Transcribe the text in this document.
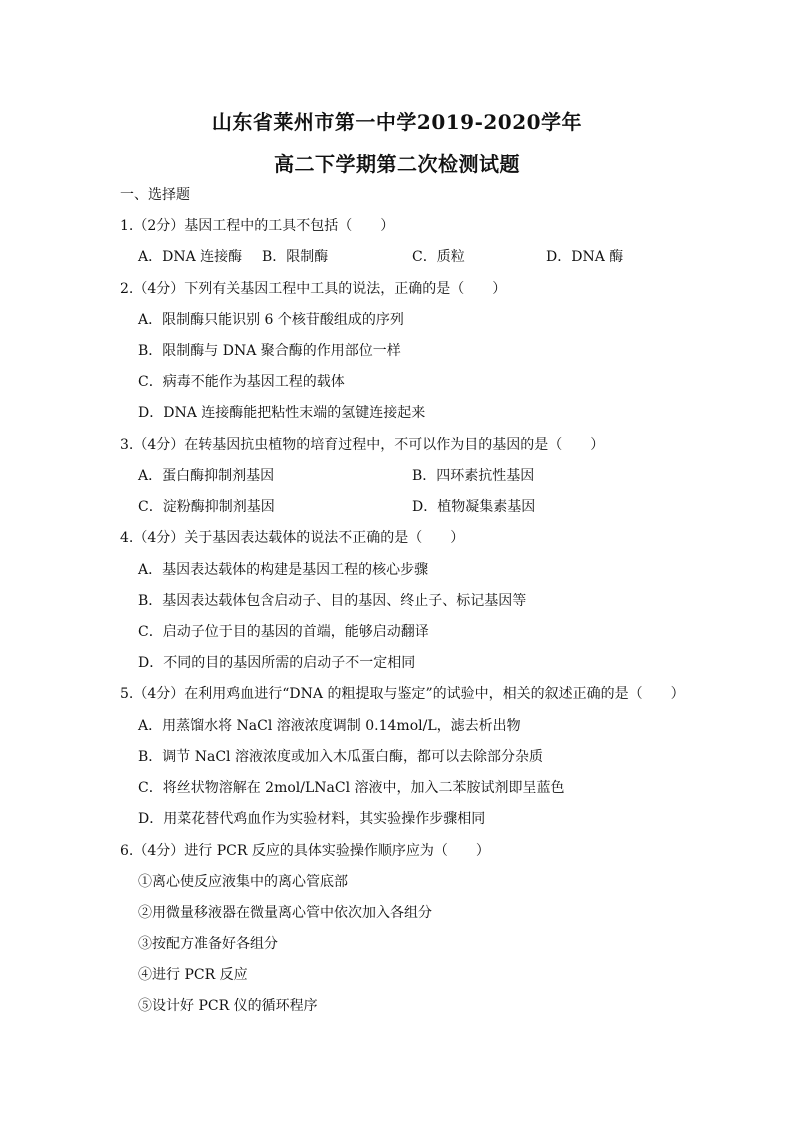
山东省莱州市第一中学2019-2020学年
高二下学期第二次检测试题
一、选择题
1.（2分）基因工程中的工具不包括（　　）
A．DNA 连接酶 B．限制酶	C．质粒	D．DNA 酶
2.（4分）下列有关基因工程中工具的说法，正确的是（　　）
A．限制酶只能识别 6 个核苷酸组成的序列
B．限制酶与 DNA 聚合酶的作用部位一样
C．病毒不能作为基因工程的载体
D．DNA 连接酶能把粘性末端的氢键连接起来
3.（4分）在转基因抗虫植物的培育过程中，不可以作为目的基因的是（　　）
A．蛋白酶抑制剂基因	B．四环素抗性基因
C．淀粉酶抑制剂基因	D．植物凝集素基因
4.（4分）关于基因表达载体的说法不正确的是（　　）
A．基因表达载体的构建是基因工程的核心步骤
B．基因表达载体包含启动子、目的基因、终止子、标记基因等
C．启动子位于目的基因的首端，能够启动翻译
D．不同的目的基因所需的启动子不一定相同
5.（4分）在利用鸡血进行“DNA 的粗提取与鉴定”的试验中，相关的叙述正确的是（　　）
A．用蒸馏水将 NaCl 溶液浓度调制 0.14mol/L，滤去析出物
B．调节 NaCl 溶液浓度或加入木瓜蛋白酶，都可以去除部分杂质
C．将丝状物溶解在 2mol/LNaCl 溶液中，加入二苯胺试剂即呈蓝色
D．用菜花替代鸡血作为实验材料，其实验操作步骤相同
6.（4分）进行 PCR 反应的具体实验操作顺序应为（　　）
①离心使反应液集中的离心管底部
②用微量移液器在微量离心管中依次加入各组分
③按配方准备好各组分
④进行 PCR 反应
⑤设计好 PCR 仪的循环程序
